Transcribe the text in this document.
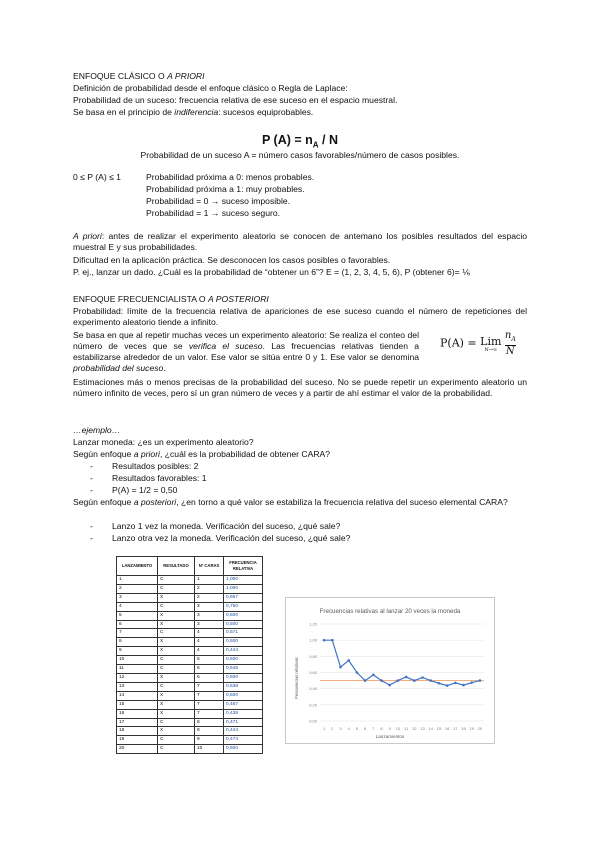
ENFOQUE CLÁSICO O A PRIORI
Definición de probabilidad desde el enfoque clásico o Regla de Laplace:
Probabilidad de un suceso: frecuencia relativa de ese suceso en el espacio muestral.
Se basa en el principio de indiferencia: sucesos equiprobables.
P $(A) = n_A / N$
Probabilidad de un suceso A = número casos favorables/número de casos posibles.
0 ≤ P (A) ≤ 1	Probabilidad próxima a 0: menos probables.
Probabilidad próxima a 1: muy probables.
Probabilidad = 0 → suceso imposible.
Probabilidad = 1 → suceso seguro.
A priori: antes de realizar el experimento aleatorio se conocen de antemano los posibles resultados del espacio muestral E y sus probabilidades.
Dificultad en la aplicación práctica. Se desconocen los casos posibles o favorables.
P. ej., lanzar un dado. ¿Cuál es la probabilidad de “obtener un 6”? E = (1, 2, 3, 4, 5, 6), P (obtener 6)= ⅙
ENFOQUE FRECUENCIALISTA O A POSTERIORI
Probabilidad: límite de la frecuencia relativa de apariciones de ese suceso cuando el número de repeticiones del experimento aleatorio tiende a infinito.
Se basa en que al repetir muchas veces un experimento aleatorio: Se realiza el conteo del número de veces que se verifica el suceso. Las frecuencias relativas tienden a estabilizarse alrededor de un valor. Ese valor se sitúa entre 0 y 1. Ese valor se denomina probabilidad del suceso.
P(A) = Lim
N→∞
$\frac{n_A}{N}$
Estimaciones más o menos precisas de la probabilidad del suceso. No se puede repetir un experimento aleatorio un número infinito de veces, pero sí un gran número de veces y a partir de ahí estimar el valor de la probabilidad.
…ejemplo…
Lanzar moneda: ¿es un experimento aleatorio?
Según enfoque a priori, ¿cuál es la probabilidad de obtener CARA?
- Resultados posibles: 2
- Resultados favorables: 1
- P(A) = 1/2 = 0,50
Según enfoque a posteriori, ¿en torno a qué valor se estabiliza la frecuencia relativa del suceso elemental CARA?
- Lanzo 1 vez la moneda. Verificación del suceso, ¿qué sale?
- Lanzo otra vez la moneda. Verificación del suceso, ¿qué sale?
LANZAMIENTO	RESULTADO	Nº CARAS	FRECUENCIA RELATIVA
1	C	1	1,000
2	C	2	1,000
3	X	2	0,667
4	C	3	0,750
5	X	3	0,600
6	X	3	0,500
7	C	4	0,571
8	X	4	0,500
9	X	4	0,444
10	C	5	0,500
11	C	6	0,545
12	X	6	0,500
13	C	7	0,538
14	X	7	0,500
15	X	7	0,467
16	X	7	0,438
17	C	8	0,471
18	X	8	0,444
19	C	9	0,474
20	C	10	0,500
Frecuencias relativas al lanzar 20 veces la moneda
Lanzamientos
Frecuencias relativas
0,00
0,20
0,40
0,60
0,80
1,00
1,20
1 2 3 4 5 6 7 8 9 10 11 12 13 14 15 16 17 18 19 20
